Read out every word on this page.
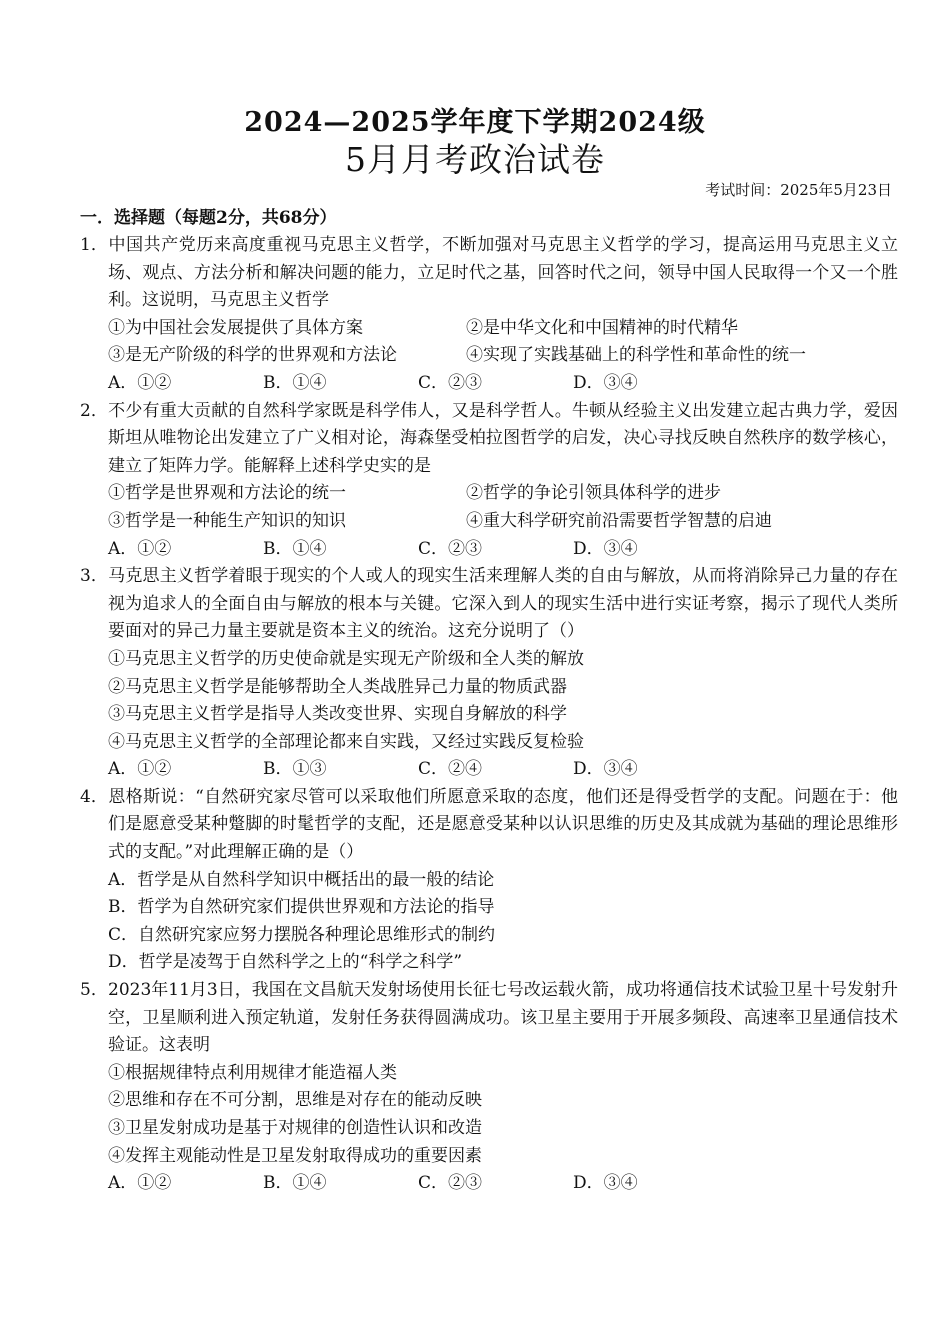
2024—2025学年度下学期2024级
5月月考政治试卷
考试时间：2025年5月23日
一．选择题（每题2分，共68分）
1．中国共产党历来高度重视马克思主义哲学，不断加强对马克思主义哲学的学习，提高运用马克思主义立场、观点、方法分析和解决问题的能力，立足时代之基，回答时代之问，领导中国人民取得一个又一个胜利。这说明，马克思主义哲学
①为中国社会发展提供了具体方案	②是中华文化和中国精神的时代精华
③是无产阶级的科学的世界观和方法论	④实现了实践基础上的科学性和革命性的统一
A．①②	B．①④	C．②③	D．③④
2．不少有重大贡献的自然科学家既是科学伟人，又是科学哲人。牛顿从经验主义出发建立起古典力学，爱因斯坦从唯物论出发建立了广义相对论，海森堡受柏拉图哲学的启发，决心寻找反映自然秩序的数学核心，建立了矩阵力学。能解释上述科学史实的是
①哲学是世界观和方法论的统一	②哲学的争论引领具体科学的进步
③哲学是一种能生产知识的知识	④重大科学研究前沿需要哲学智慧的启迪
A．①②	B．①④	C．②③	D．③④
3．马克思主义哲学着眼于现实的个人或人的现实生活来理解人类的自由与解放，从而将消除异己力量的存在视为追求人的全面自由与解放的根本与关键。它深入到人的现实生活中进行实证考察，揭示了现代人类所要面对的异己力量主要就是资本主义的统治。这充分说明了（）
①马克思主义哲学的历史使命就是实现无产阶级和全人类的解放
②马克思主义哲学是能够帮助全人类战胜异己力量的物质武器
③马克思主义哲学是指导人类改变世界、实现自身解放的科学
④马克思主义哲学的全部理论都来自实践，又经过实践反复检验
A．①②	B．①③	C．②④	D．③④
4．恩格斯说：“自然研究家尽管可以采取他们所愿意采取的态度，他们还是得受哲学的支配。问题在于：他们是愿意受某种蹩脚的时髦哲学的支配，还是愿意受某种以认识思维的历史及其成就为基础的理论思维形式的支配。”对此理解正确的是（）
A．哲学是从自然科学知识中概括出的最一般的结论
B．哲学为自然研究家们提供世界观和方法论的指导
C．自然研究家应努力摆脱各种理论思维形式的制约
D．哲学是凌驾于自然科学之上的“科学之科学”
5．2023年11月3日，我国在文昌航天发射场使用长征七号改运载火箭，成功将通信技术试验卫星十号发射升空，卫星顺利进入预定轨道，发射任务获得圆满成功。该卫星主要用于开展多频段、高速率卫星通信技术验证。这表明
①根据规律特点利用规律才能造福人类
②思维和存在不可分割，思维是对存在的能动反映
③卫星发射成功是基于对规律的创造性认识和改造
④发挥主观能动性是卫星发射取得成功的重要因素
A．①②	B．①④	C．②③	D．③④
